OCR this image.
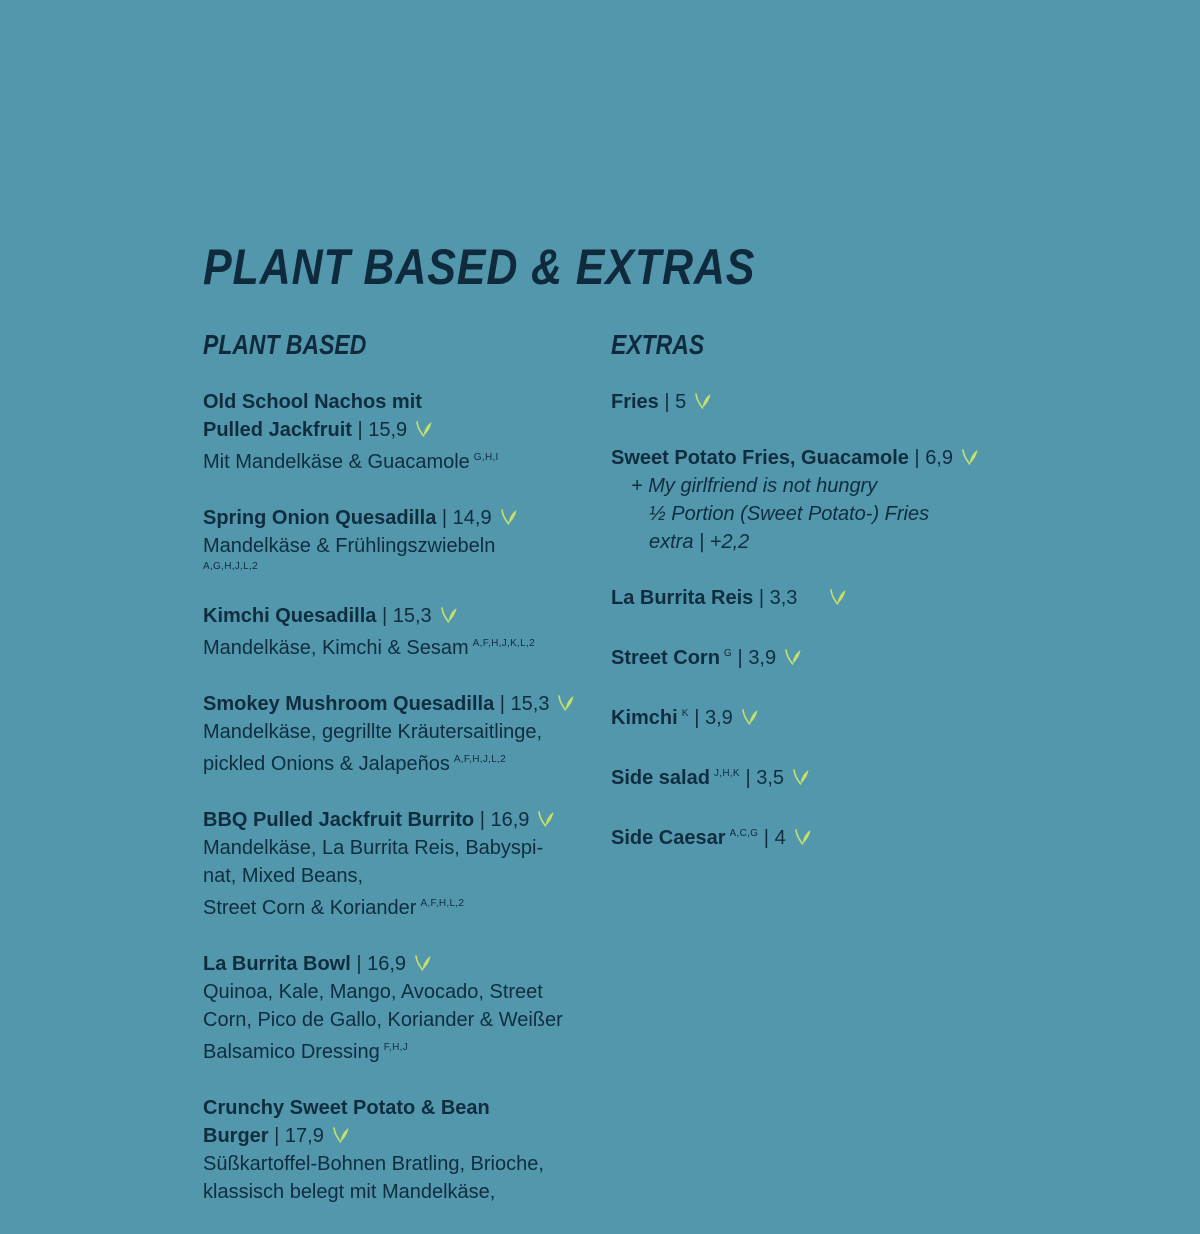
PLANT BASED & EXTRAS
PLANT BASED
Old School Nachos mit
Pulled Jackfruit | 15,9
Mit Mandelkäse & Guacamole $^{G,H,I}$
Spring Onion Quesadilla | 14,9
Mandelkäse & Frühlingszwiebeln
A,G,H,J,L,2
Kimchi Quesadilla | 15,3
Mandelkäse, Kimchi & Sesam $^{A,F,H,J,K,L,2}$
Smokey Mushroom Quesadilla | 15,3
Mandelkäse, gegrillte Kräutersaitlinge,
pickled Onions & Jalapeños $^{A,F,H,J,L,2}$
BBQ Pulled Jackfruit Burrito | 16,9
Mandelkäse, La Burrita Reis, Babyspi-
nat, Mixed Beans,
Street Corn & Koriander $^{A,F,H,L,2}$
La Burrita Bowl | 16,9
Quinoa, Kale, Mango, Avocado, Street
Corn, Pico de Gallo, Koriander & Weißer
Balsamico Dressing $^{F,H,J}$
Crunchy Sweet Potato & Bean
Burger | 17,9
Süßkartoffel-Bohnen Bratling, Brioche,
klassisch belegt mit Mandelkäse,
EXTRAS
Fries | 5
Sweet Potato Fries, Guacamole | 6,9
+ My girlfriend is not hungry
½ Portion (Sweet Potato-) Fries
extra | +2,2
La Burrita Reis | 3,3
Street Corn $^G$ | 3,9
Kimchi $^K$ | 3,9
Side salad $^{J,H,K}$ | 3,5
Side Caesar $^{A,C,G}$ | 4
